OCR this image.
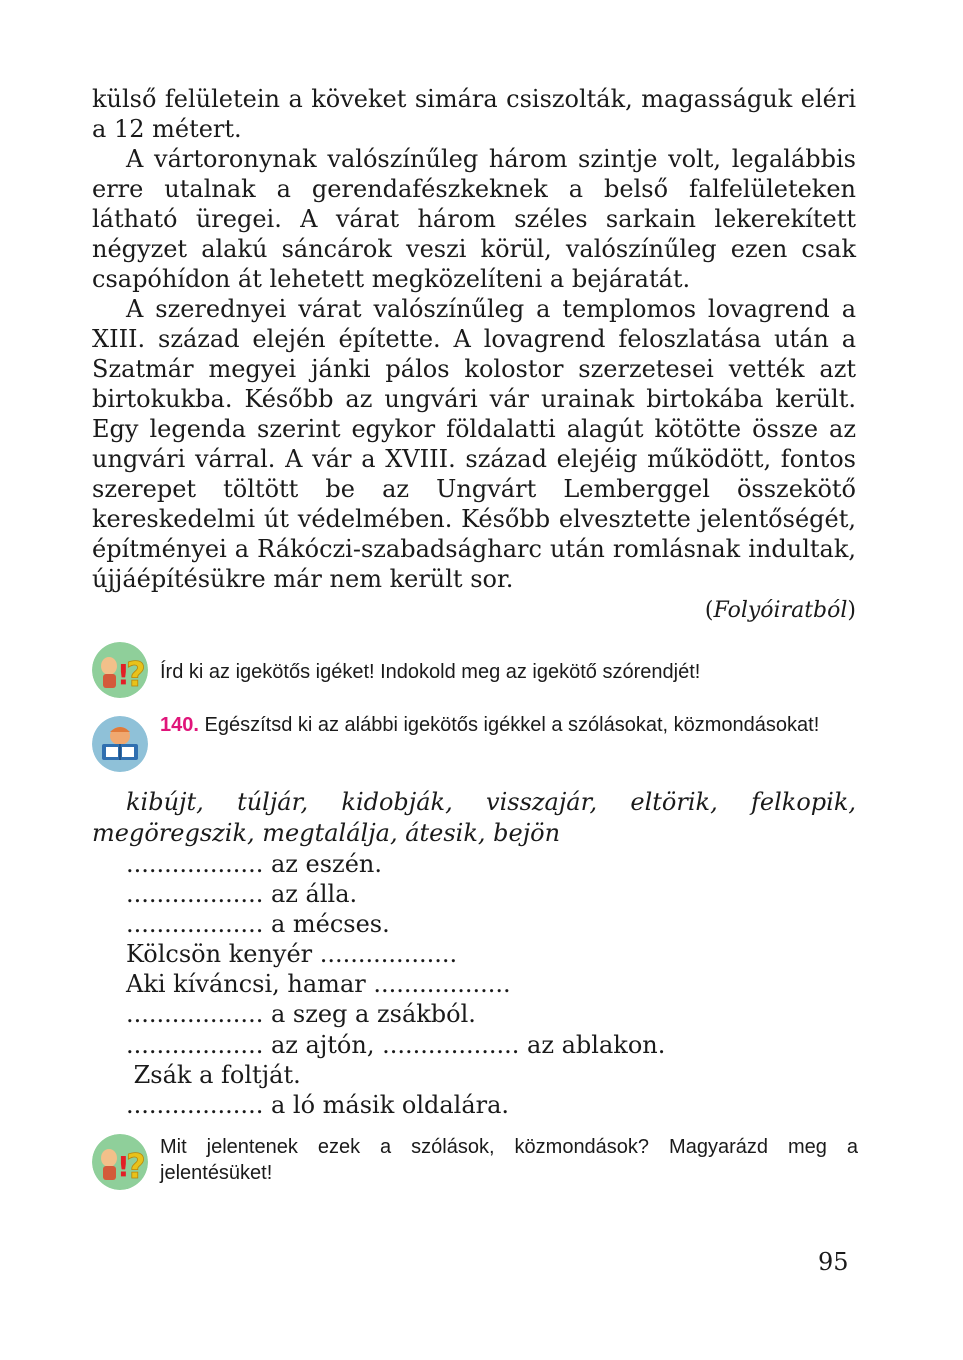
külső felületein a köveket simára csiszolták, magasságuk eléri a 12 métert.

A vártoronynak valószínűleg három szintje volt, legalábbis erre utalnak a gerendafészkeknek a belső falfelületeken látható üregei. A várat három széles sarkain lekerekített négyzet alakú sáncárok veszi körül, valószínűleg ezen csak csapóhídon át lehetett megközelíteni a bejáratát.

A szerednyei várat valószínűleg a templomos lovagrend a XIII. század elején építette. A lovagrend feloszlatása után a Szatmár megyei jánki pálos kolostor szerzetesei vették azt birtokukba. Később az ungvári vár urainak birtokába került. Egy legenda szerint egykor földalatti alagút kötötte össze az ungvári várral. A vár a XVIII. század elejéig működött, fontos szerepet töltött be az Ungvárt Lemberggel összekötő kereskedelmi út védelmében. Később elvesztette jelentőségét, építményei a Rákóczi-szabadságharc után romlásnak indultak, újjáépítésükre már nem került sor.

(Folyóiratból)
!
? Írd ki az igekötős igéket! Indokold meg az igekötő szórendjét!
140. Egészítsd ki az alábbi igekötős igékkel a szólásokat, közmondásokat!

kibújt, túljár, kidobják, visszajár, eltörik, felkopik, megöregszik, megtalálja, átesik, bejön

.................. az eszén.
.................. az álla.
.................. a mécses.
Kölcsön kenyér ..................
Aki kíváncsi, hamar ..................
.................. a szeg a zsákból.
.................. az ajtón, .................. az ablakon.
Zsák a foltját.
.................. a ló másik oldalára.
!
? Mit jelentenek ezek a szólások, közmondások? Magyarázd meg a jelentésüket!
95
